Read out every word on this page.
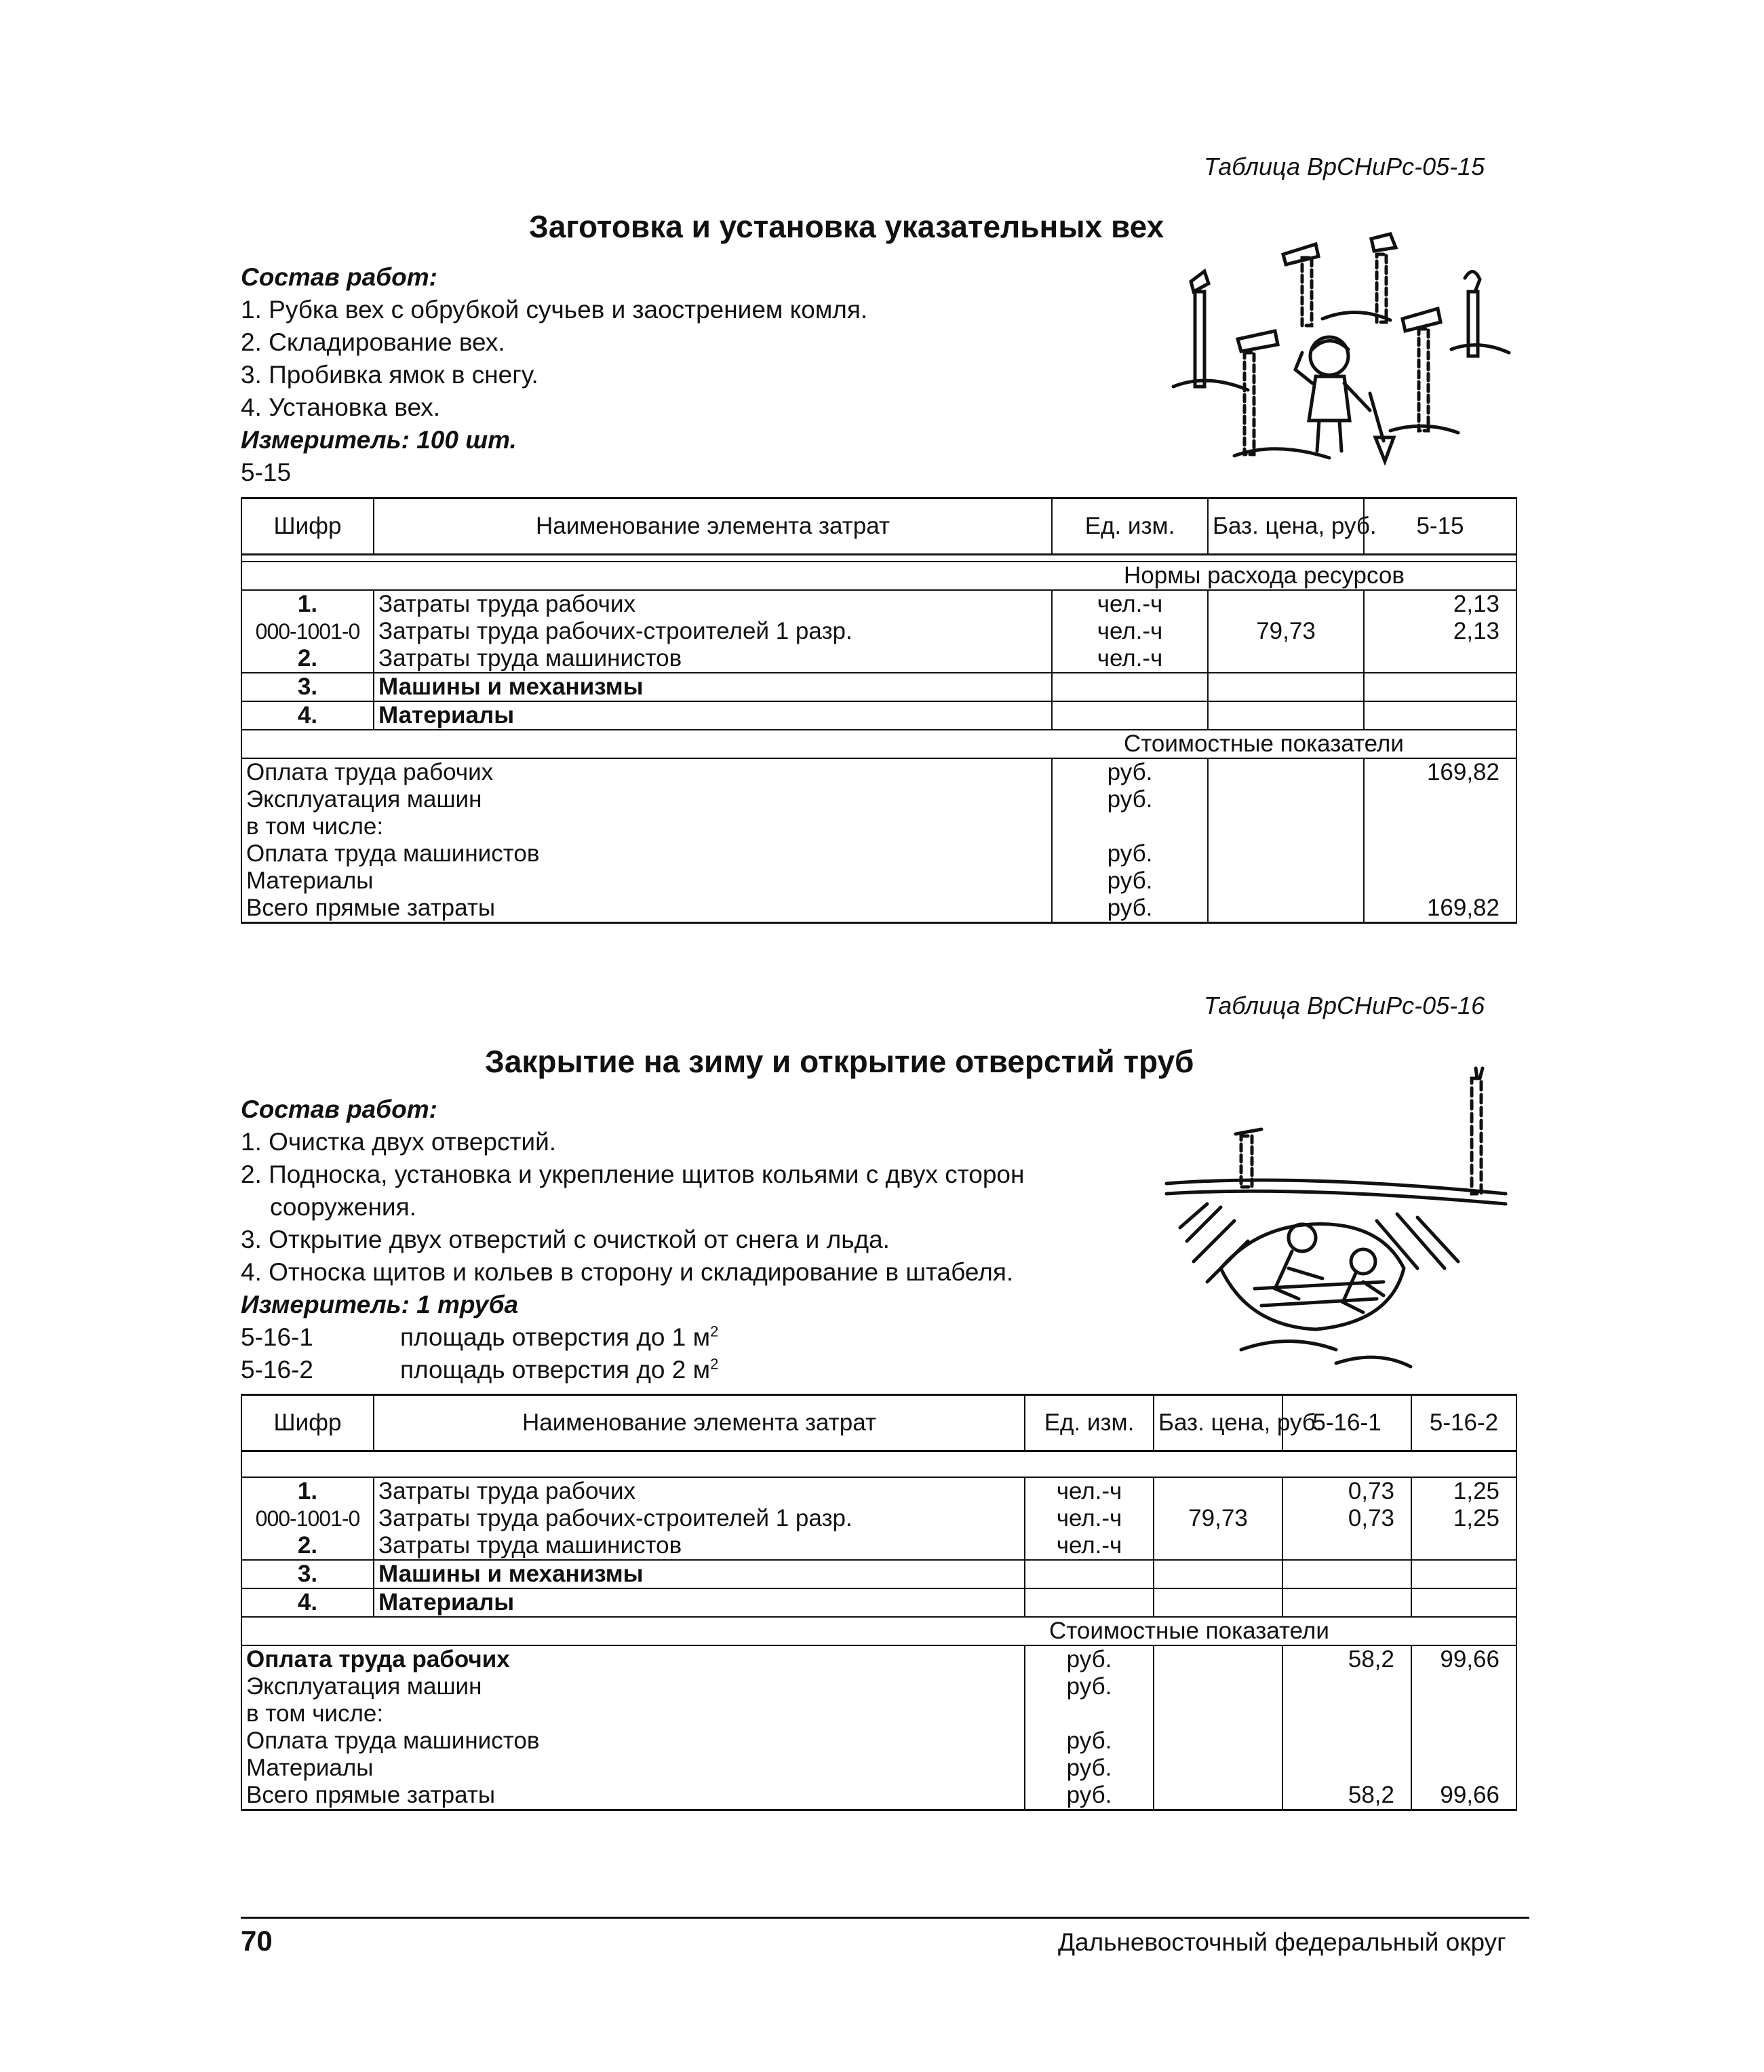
Таблица ВрСНиРс-05-15
Заготовка и установка указательных вех
Состав работ:
1. Рубка вех с обрубкой сучьев и заострением комля.
2. Складирование вех.
3. Пробивка ямок в снегу.
4. Установка вех.
Измеритель: 100 шт.
5-15
Шифр	Наименование элемента затрат	Ед. изм.	Баз. цена, руб.	5-15

Нормы расхода ресурсов				
1.	Затраты труда рабочих	чел.-ч		2,13
000-1001-0	Затраты труда рабочих-строителей 1 разр.	чел.-ч	79,73	2,13
2.	Затраты труда машинистов	чел.-ч		
3.	Машины и механизмы			
4.	Материалы			
Стоимостные показатели				
Оплата труда рабочих		руб.		169,82
Эксплуатация машин		руб.		
в том числе:				
Оплата труда машинистов		руб.		
Материалы		руб.		
Всего прямые затраты		руб.		169,82
Таблица ВрСНиРс-05-16
Закрытие на зиму и открытие отверстий труб
Состав работ:
1. Очистка двух отверстий.
2. Подноска, установка и укрепление щитов кольями с двух сторон
сооружения.
3. Открытие двух отверстий с очисткой от снега и льда.
4. Относка щитов и кольев в сторону и складирование в штабеля.
Измеритель: 1 труба
5-16-1	площадь отверстия до 1 $м^2$
5-16-2	площадь отверстия до 2 $м^2$
Шифр	Наименование элемента затрат	Ед. изм.	Баз. цена, руб.	5-16-1	5-16-2

1.	Затраты труда рабочих	чел.-ч		0,73	1,25
000-1001-0	Затраты труда рабочих-строителей 1 разр.	чел.-ч	79,73	0,73	1,25
2.	Затраты труда машинистов	чел.-ч			
3.	Машины и механизмы				
4.	Материалы				
Стоимостные показатели					
Оплата труда рабочих		руб.		58,2	99,66
Эксплуатация машин		руб.			
в том числе:					
Оплата труда машинистов		руб.			
Материалы		руб.			
Всего прямые затраты		руб.		58,2	99,66
70	Дальневосточный федеральный округ
